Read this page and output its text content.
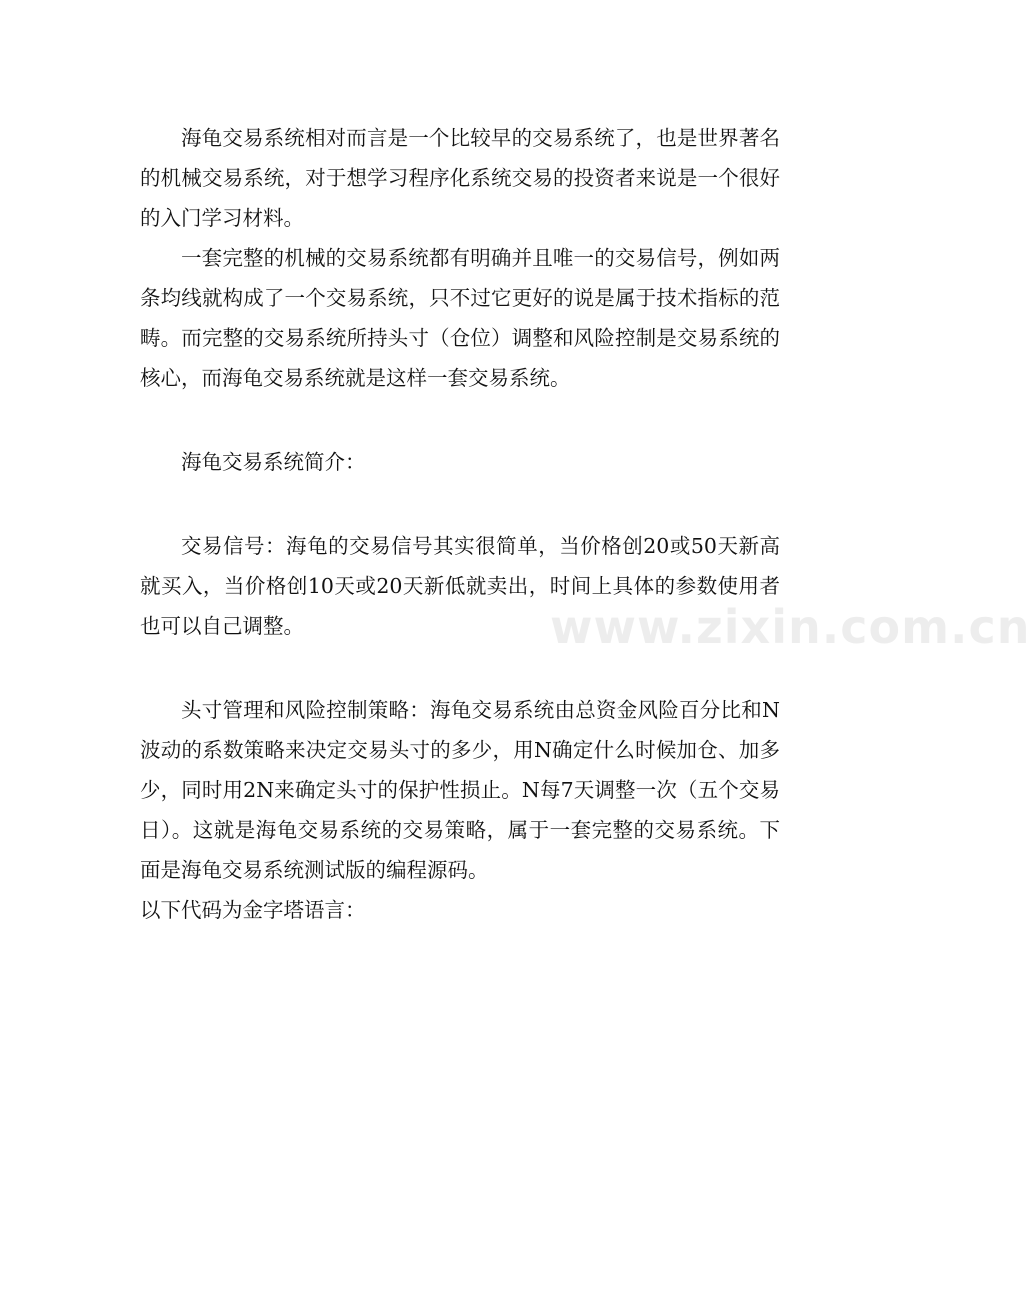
www.zixin.com.cn

海龟交易系统相对而言是一个比较早的交易系统了，也是世界著名的机械交易系统，对于想学习程序化系统交易的投资者来说是一个很好的入门学习材料。

一套完整的机械的交易系统都有明确并且唯一的交易信号，例如两条均线就构成了一个交易系统，只不过它更好的说是属于技术指标的范畴。而完整的交易系统所持头寸（仓位）调整和风险控制是交易系统的核心，而海龟交易系统就是这样一套交易系统。

海龟交易系统简介：

交易信号：海龟的交易信号其实很简单，当价格创20或50天新高就买入，当价格创10天或20天新低就卖出，时间上具体的参数使用者也可以自己调整。

头寸管理和风险控制策略：海龟交易系统由总资金风险百分比和N波动的系数策略来决定交易头寸的多少，用N确定什么时候加仓、加多少，同时用2N来确定头寸的保护性损止。N每7天调整一次（五个交易日）。这就是海龟交易系统的交易策略，属于一套完整的交易系统。下面是海龟交易系统测试版的编程源码。

以下代码为金字塔语言：
